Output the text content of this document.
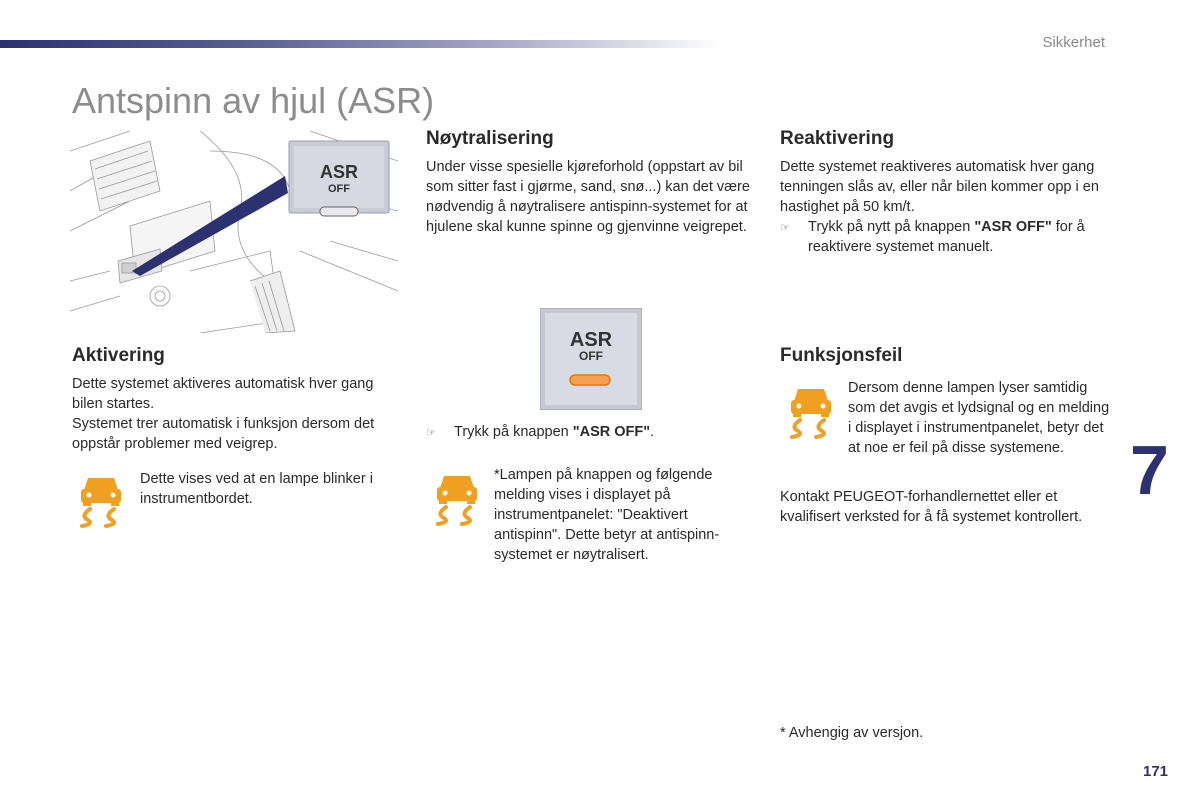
Sikkerhet
Antspinn av hjul (ASR)
ASR
OFF
Aktivering

Dette systemet aktiveres automatisk hver gang bilen startes.

Systemet trer automatisk i funksjon dersom det oppstår problemer med veigrep.

Dette vises ved at en lampe blinker i instrumentbordet.

Nøytralisering

Under visse spesielle kjøreforhold (oppstart av bil som sitter fast i gjørme, sand, snø...) kan det være nødvendig å nøytralisere antispinn-systemet for at hjulene skal kunne spinne og gjenvinne veigrepet.

ASR
OFF
☞	Trykk på knappen "ASR OFF".

*Lampen på knappen og følgende melding vises i displayet på instrumentpanelet: "Deaktivert antispinn". Dette betyr at antispinn-systemet er nøytralisert.

Reaktivering

Dette systemet reaktiveres automatisk hver gang tenningen slås av, eller når bilen kommer opp i en hastighet på 50 km/t.

☞	Trykk på nytt på knappen "ASR OFF" for å reaktivere systemet manuelt.
Funksjonsfeil

Dersom denne lampen lyser samtidig som det avgis et lydsignal og en melding i displayet i instrumentpanelet, betyr det at noe er feil på disse systemene.

Kontakt PEUGEOT-forhandlernettet eller et kvalifisert verksted for å få systemet kontrollert.

* Avhengig av versjon.

7
171
